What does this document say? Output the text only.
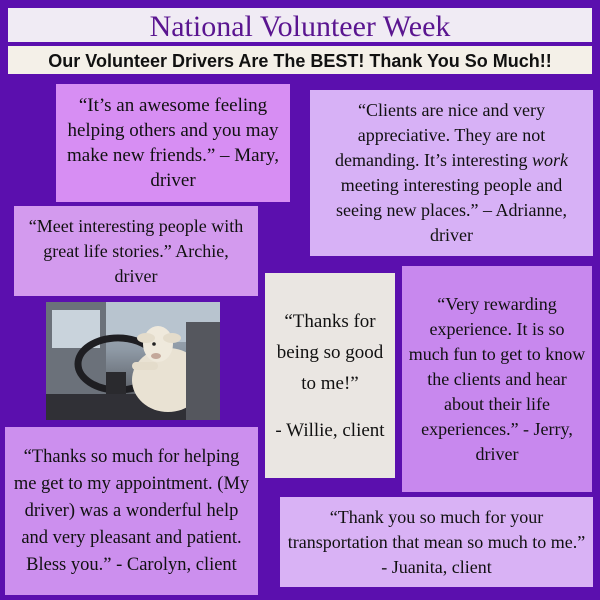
National Volunteer Week
Our Volunteer Drivers Are The BEST! Thank You So Much!!

“It’s an awesome feeling helping others and you may make new friends.” – Mary, driver

“Clients are nice and very appreciative. They are not demanding. It’s interesting work meeting interesting people and seeing new places.” – Adrianne, driver

“Meet interesting people with great life stories.” Archie, driver

“Thanks for being so good to me!”

- Willie, client

“Very rewarding experience. It is so much fun to get to know the clients and hear about their life experiences.” - Jerry, driver

“Thanks so much for helping me get to my appointment. (My driver) was a wonderful help and very pleasant and patient. Bless you.” - Carolyn, client

“Thank you so much for your transportation that mean so much to me.” - Juanita, client
